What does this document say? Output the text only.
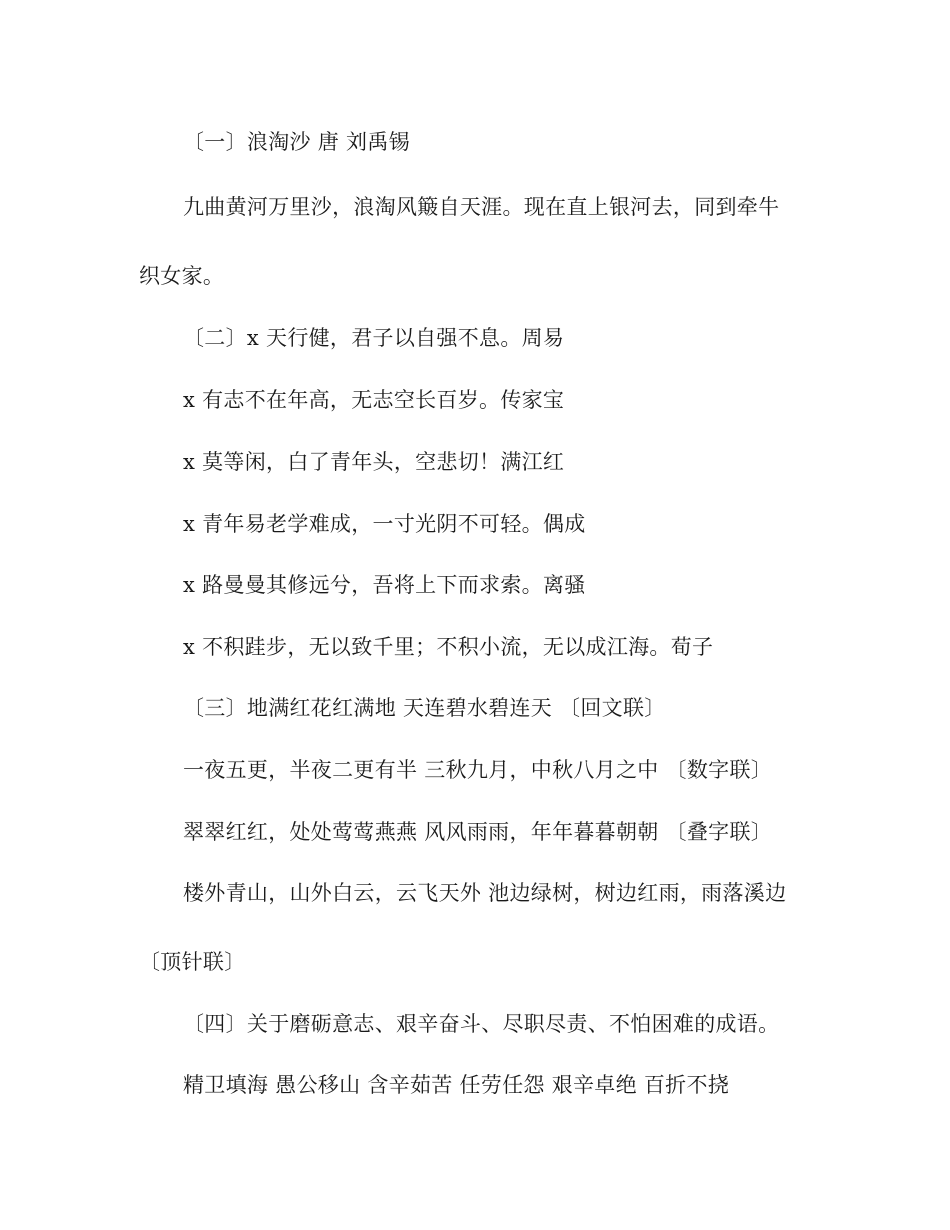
〔一〕浪淘沙 唐 刘禹锡
九曲黄河万里沙，浪淘风簸自天涯。现在直上银河去，同到牵牛
织女家。
〔二〕x 天行健，君子以自强不息。周易
x 有志不在年高，无志空长百岁。传家宝
x 莫等闲，白了青年头，空悲切！满江红
x 青年易老学难成，一寸光阴不可轻。偶成
x 路曼曼其修远兮，吾将上下而求索。离骚
x 不积跬步，无以致千里；不积小流，无以成江海。荀子
〔三〕地满红花红满地 天连碧水碧连天 〔回文联〕
一夜五更，半夜二更有半 三秋九月，中秋八月之中 〔数字联〕
翠翠红红，处处莺莺燕燕 风风雨雨，年年暮暮朝朝 〔叠字联〕
楼外青山，山外白云，云飞天外 池边绿树，树边红雨，雨落溪边
〔顶针联〕
〔四〕关于磨砺意志、艰辛奋斗、尽职尽责、不怕困难的成语。
精卫填海 愚公移山 含辛茹苦 任劳任怨 艰辛卓绝 百折不挠
